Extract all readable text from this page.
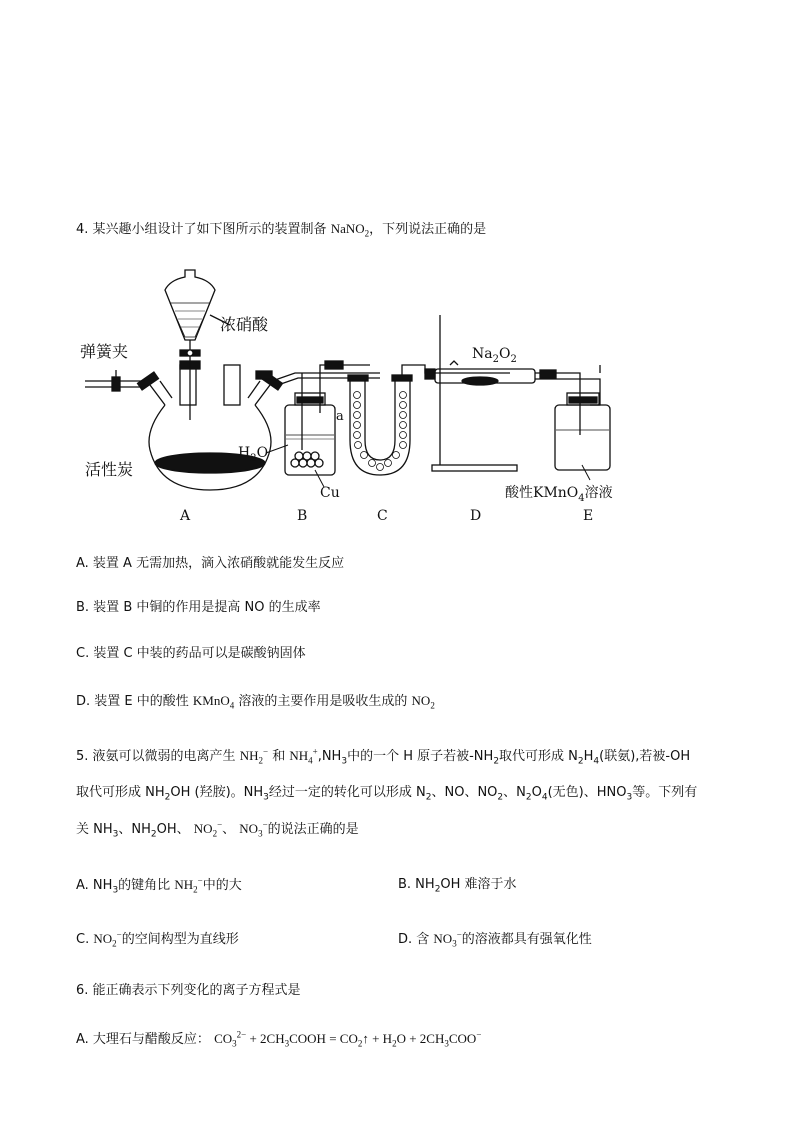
4. 某兴趣小组设计了如下图所示的装置制备 NaNO$_2$，下列说法正确的是
浓硝酸
弹簧夹
活性炭
$H_2O$
a
Cu
$Na_2O_2$
酸性KMnO$_4$溶液
A	B	C	D	E
A. 装置 A 无需加热，滴入浓硝酸就能发生反应
B. 装置 B 中铜的作用是提高 NO 的生成率
C. 装置 C 中装的药品可以是碳酸钠固体
D. 装置 E 中的酸性 KMnO$_4$ 溶液的主要作用是吸收生成的 $NO_2$
5. 液氨可以微弱的电离产生 $NH_2^-$ 和 $NH_4^+,NH_3$中的一个 H 原子若被$-NH_2$取代可形成 $N_2H_4$(联氨),若被-OH
取代可形成 $NH_2OH$ (羟胺)。$NH_3$经过一定的转化可以形成 $N_2$、NO、$NO_2$、$N_2O_4$(无色)、$HNO_3$等。下列有
关 $NH_3$、$NH_2OH$、 $NO_2^-$、 $NO_3^-$的说法正确的是
A. $NH_3$的键角比 $NH_2^-$中的大	B. $NH_2OH$ 难溶于水
C. $NO_2^-$的空间构型为直线形	D. 含 $NO_3^-$的溶液都具有强氧化性
6. 能正确表示下列变化的离子方程式是
A. 大理石与醋酸反应： $CO_3^{2-}$ + $2CH_3COOH$ = $CO_2↑ + H_2O + 2CH_3COO^-$
